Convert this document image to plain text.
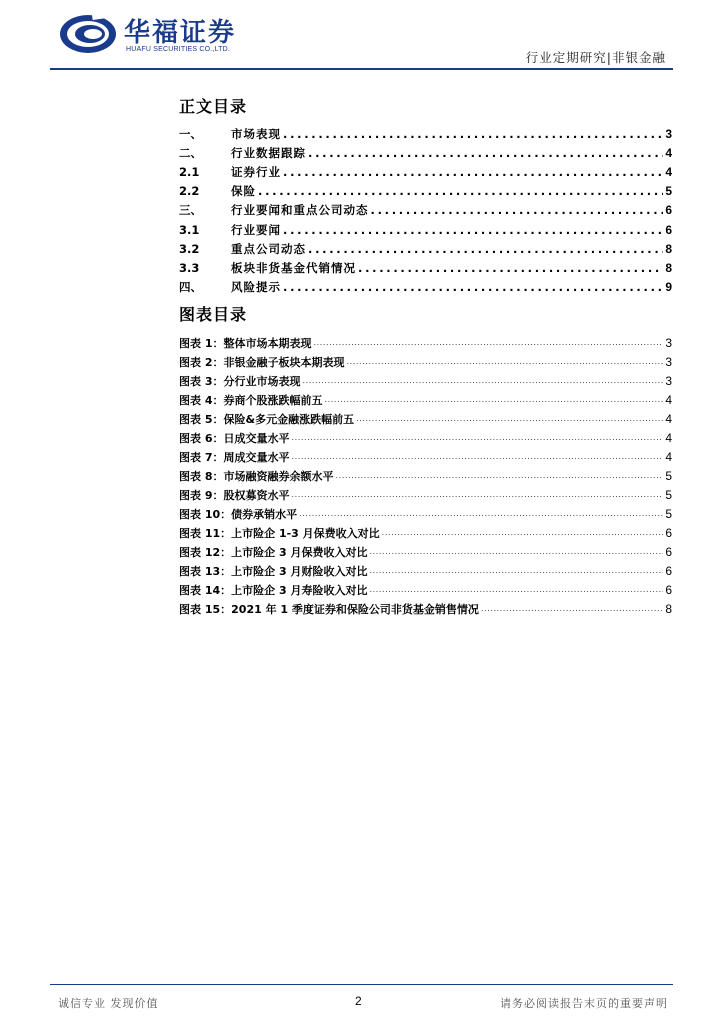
华福证券
HUAFU SECURITIES CO.,LTD.
行业定期研究|非银金融
正文目录
一、	市场表现 .....	3
二、	行业数据跟踪 .....	4
2.1	证券行业 .....	4
2.2	保险 .....	5
三、	行业要闻和重点公司动态 .....	6
3.1	行业要闻 .....	6
3.2	重点公司动态 .....	8
3.3	板块非货基金代销情况 .....	8
四、	风险提示 .....	9
图表目录
图表 1：整体市场本期表现 .....	3
图表 2：非银金融子板块本期表现 .....	3
图表 3：分行业市场表现 .....	3
图表 4：券商个股涨跌幅前五 .....	4
图表 5：保险&多元金融涨跌幅前五 .....	4
图表 6：日成交量水平 .....	4
图表 7：周成交量水平 .....	4
图表 8：市场融资融券余额水平 .....	5
图表 9：股权募资水平 .....	5
图表 10：债券承销水平 .....	5
图表 11：上市险企 1-3 月保费收入对比 .....	6
图表 12：上市险企 3 月保费收入对比 .....	6
图表 13：上市险企 3 月财险收入对比 .....	6
图表 14：上市险企 3 月寿险收入对比 .....	6
图表 15：2021 年 1 季度证券和保险公司非货基金销售情况 .....	8
诚信专业 发现价值	2	请务必阅读报告末页的重要声明
